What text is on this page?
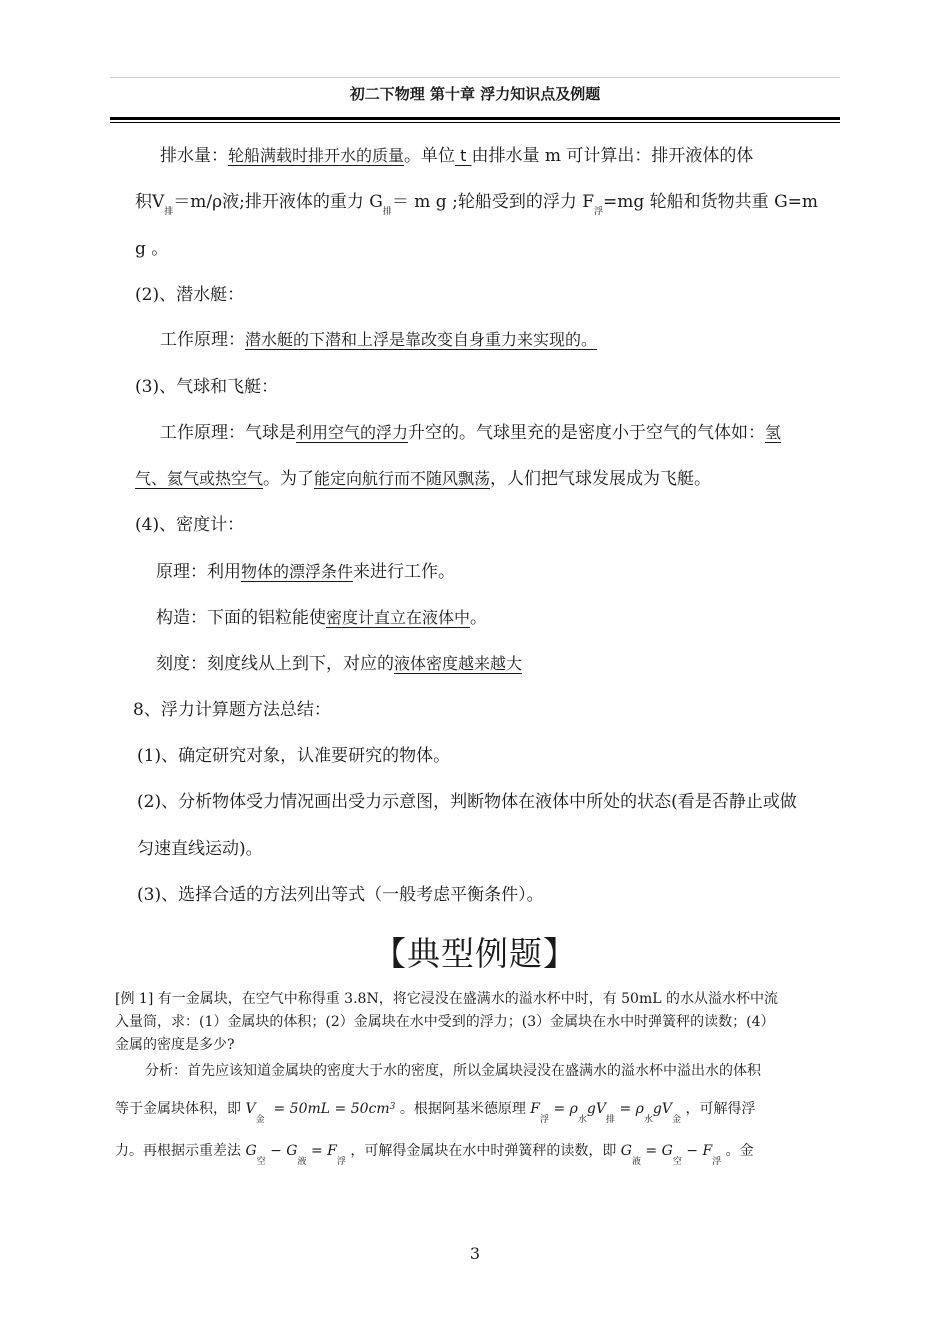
初二下物理 第十章 浮力知识点及例题
排水量：轮船满载时排开水的质量。单位 t 由排水量 m 可计算出：排开液体的体
积$V_排=m/\rho$液;排开液体的重力 $G_排= m$ g ;轮船受到的浮力 $F_浮=mg$ 轮船和货物共重 G=m
g 。
(2)、潜水艇：
工作原理：潜水艇的下潜和上浮是靠改变自身重力来实现的。
(3)、气球和飞艇：
工作原理：气球是利用空气的浮力升空的。气球里充的是密度小于空气的气体如：氢
气、氦气或热空气。为了能定向航行而不随风飘荡，人们把气球发展成为飞艇。
(4)、密度计：
原理：利用物体的漂浮条件来进行工作。
构造：下面的铝粒能使密度计直立在液体中。
刻度：刻度线从上到下，对应的液体密度越来越大
8、浮力计算题方法总结：
(1)、确定研究对象，认准要研究的物体。
(2)、分析物体受力情况画出受力示意图，判断物体在液体中所处的状态(看是否静止或做
匀速直线运动)。
(3)、选择合适的方法列出等式（一般考虑平衡条件）。
【典型例题】
[例 1] 有一金属块，在空气中称得重 3.8N，将它浸没在盛满水的溢水杯中时，有 50mL 的水从溢水杯中流
入量筒，求：(1）金属块的体积；(2）金属块在水中受到的浮力；(3）金属块在水中时弹簧秤的读数；(4）
金属的密度是多少?
分析：首先应该知道金属块的密度大于水的密度，所以金属块浸没在盛满水的溢水杯中溢出水的体积
等于金属块体积，即 $V_金 = 50mL = 50cm^3$ 。根据阿基米德原理 $F_浮 = \rho_水gV_排 = \rho_水gV_金$ ，可解得浮
力。再根据示重差法 $G_空 - G_液 = F_浮$ ，可解得金属块在水中时弹簧秤的读数，即 $G_液 = G_空 - F_浮$ 。金
3
